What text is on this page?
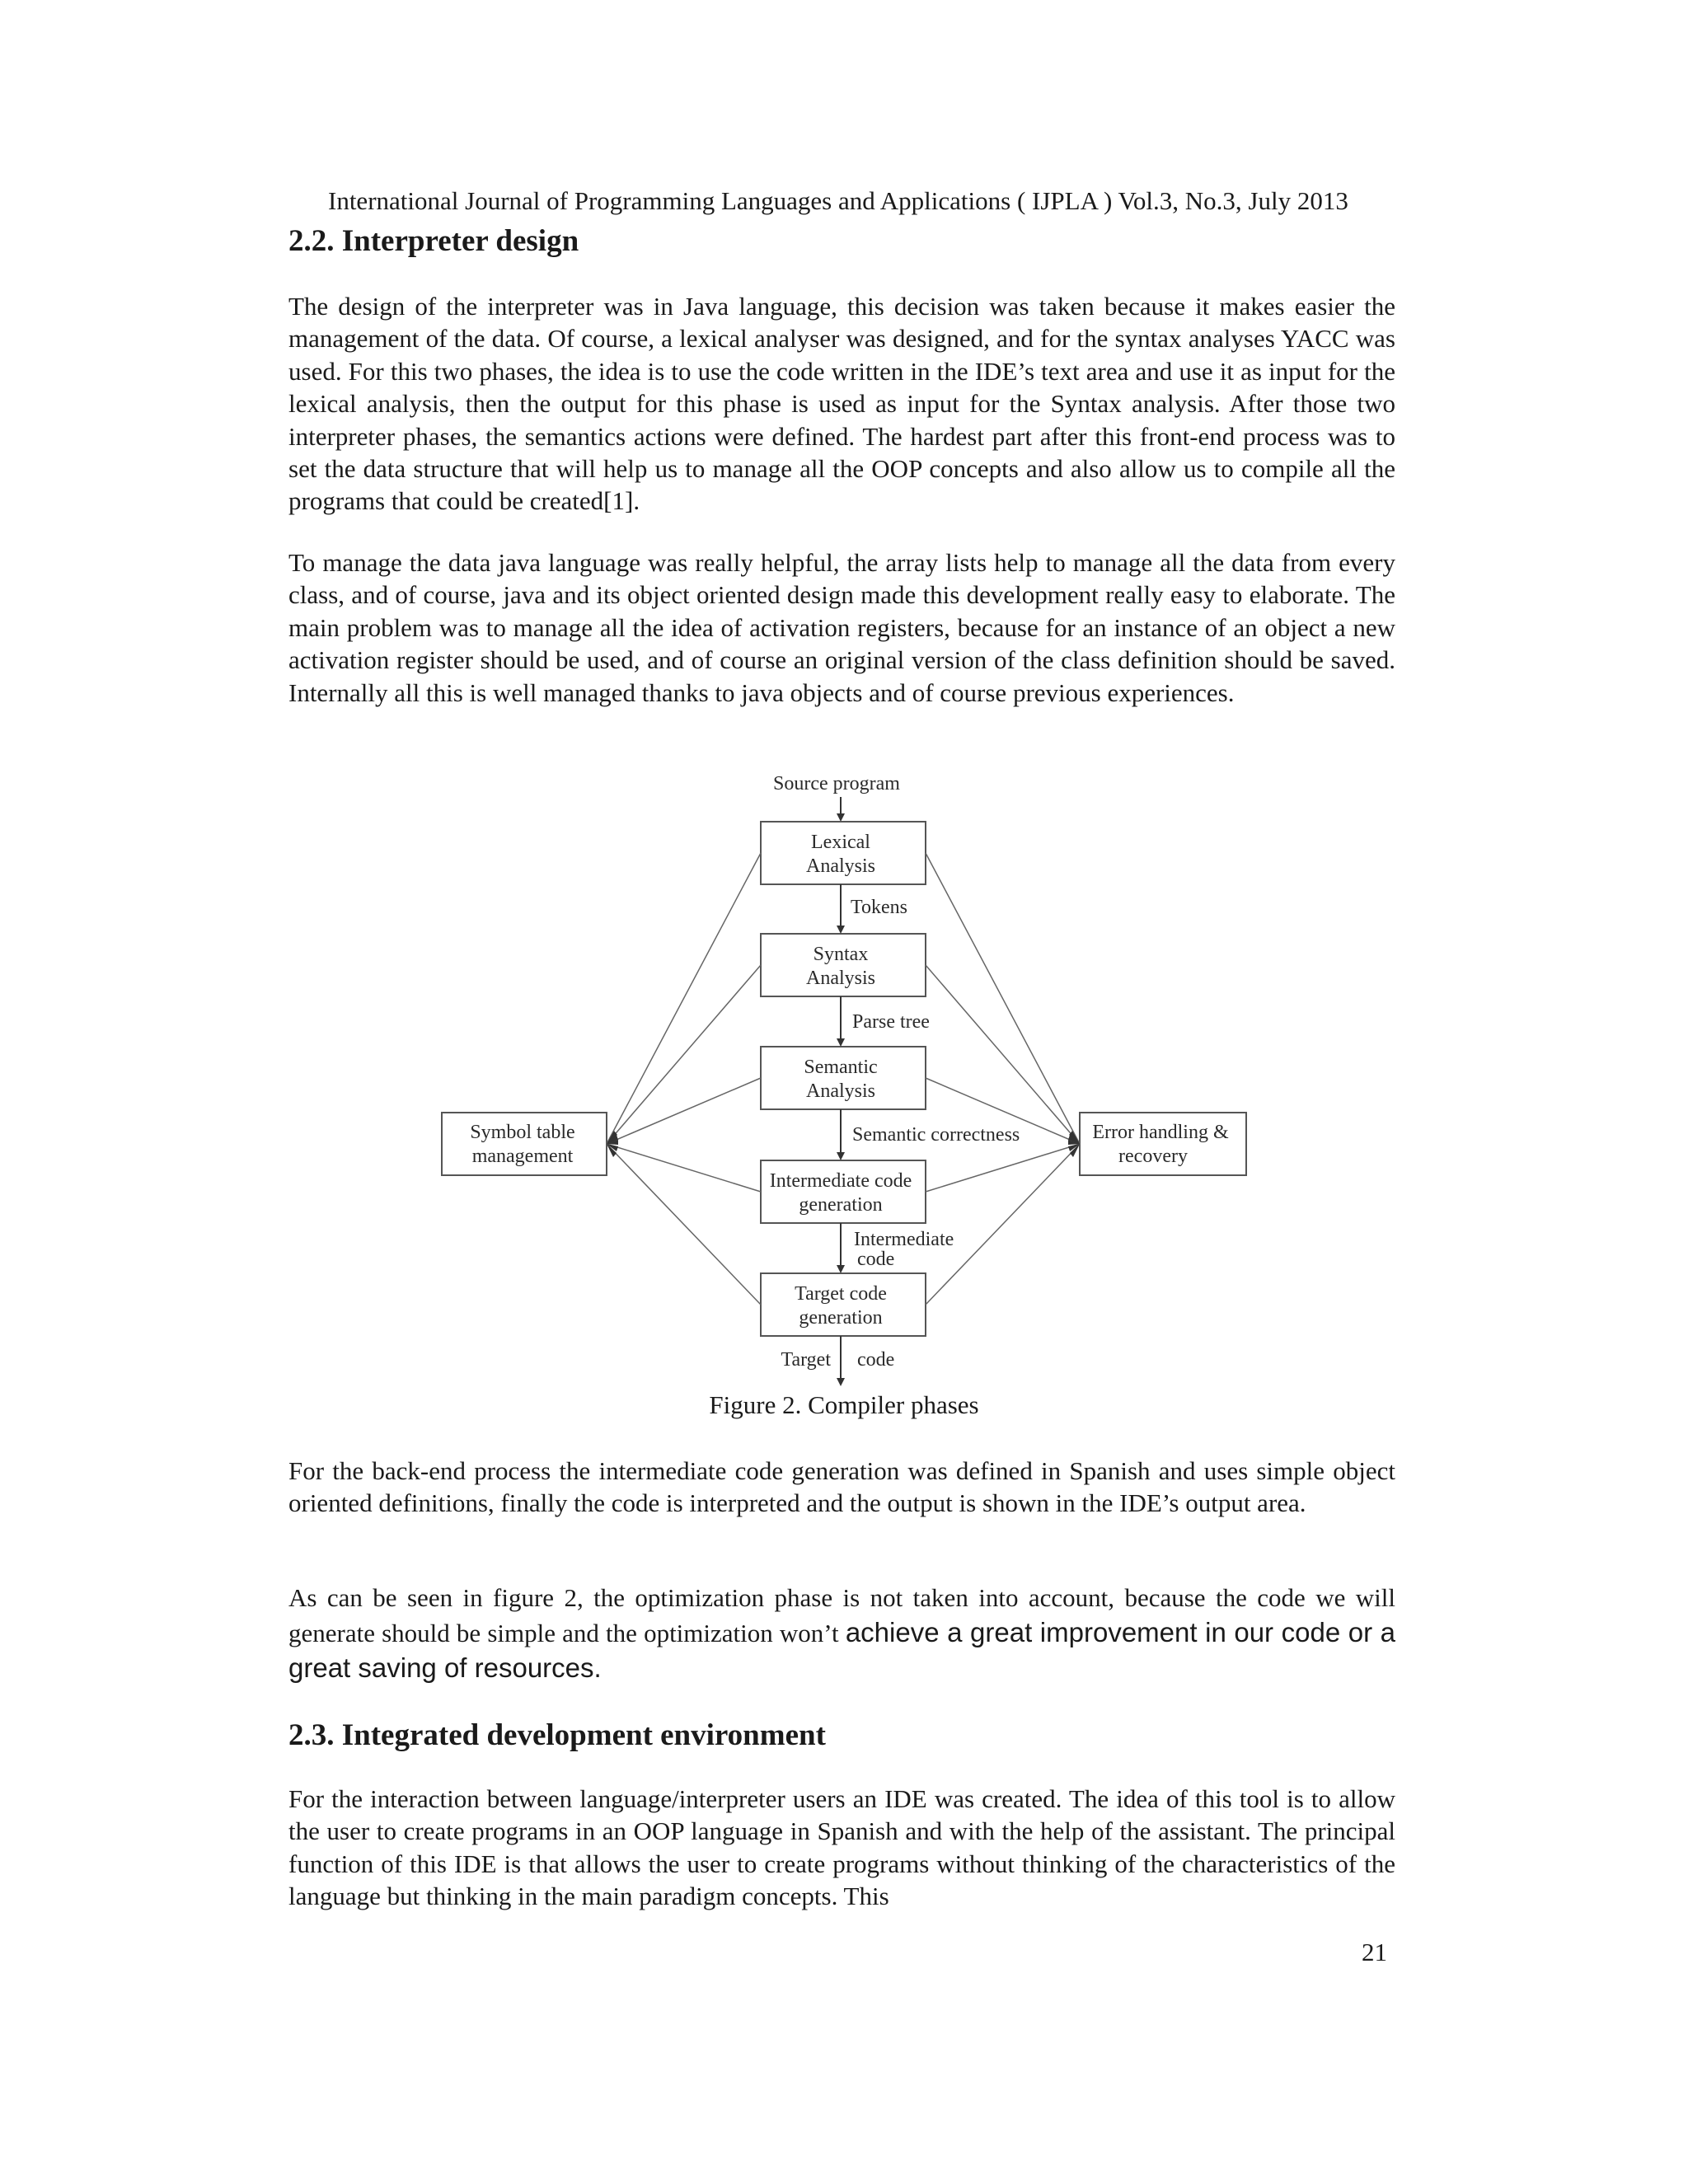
International Journal of Programming Languages and Applications ( IJPLA ) Vol.3, No.3, July 2013
2.2. Interpreter design

The design of the interpreter was in Java language, this decision was taken because it makes easier the management of the data. Of course, a lexical analyser was designed, and for the syntax analyses YACC was used. For this two phases, the idea is to use the code written in the IDE’s text area and use it as input for the lexical analysis, then the output for this phase is used as input for the Syntax analysis. After those two interpreter phases, the semantics actions were defined. The hardest part after this front-end process was to set the data structure that will help us to manage all the OOP concepts and also allow us to compile all the programs that could be created[1].

To manage the data java language was really helpful, the array lists help to manage all the data from every class, and of course, java and its object oriented design made this development really easy to elaborate. The main problem was to manage all the idea of activation registers, because for an instance of an object a new activation register should be used, and of course an original version of the class definition should be saved. Internally all this is well managed thanks to java objects and of course previous experiences.

Source program
Lexical
Analysis
Syntax
Analysis
Semantic
Analysis
Intermediate code
generation
Target code
generation
Tokens
Parse tree
Semantic correctness
Intermediate
code
Target code
Symbol table
management
Error handling &
recovery
Figure 2. Compiler phases

For the back-end process the intermediate code generation was defined in Spanish and uses simple object oriented definitions, finally the code is interpreted and the output is shown in the IDE’s output area.

As can be seen in figure 2, the optimization phase is not taken into account, because the code we will generate should be simple and the optimization won’t achieve a great improvement in our code or a great saving of resources.

2.3. Integrated development environment

For the interaction between language/interpreter users an IDE was created. The idea of this tool is to allow the user to create programs in an OOP language in Spanish and with the help of the assistant. The principal function of this IDE is that allows the user to create programs without thinking of the characteristics of the language but thinking in the main paradigm concepts. This

21
